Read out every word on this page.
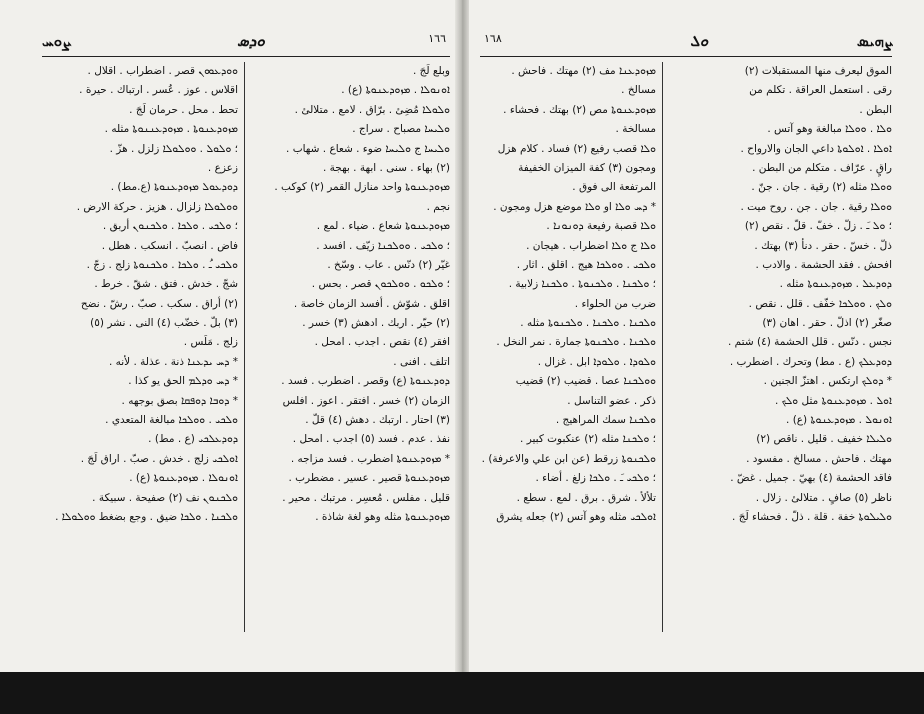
ܨܘܚ	ܘܕܣ	١٦٦
ܘܘܕܥܘܘܢ قصر . اضطراب . اقلال .
اقلاس . عوز . عُسر . ارتباك . حيرة .
تحط . محل . حرمان لَجَ .
ܡܙܘܕܥܢܘܬܐ . ܡܙܘܕܥܢܢܘܬܐ مثله .
؛ ܘܠܘܠ . ܘܘܠܘܠܐ زلزل . هزّ .
زعزع .
ܕܘܕܥܘܠ ܡܙܘܕܥܢܘܬܐ (ع.مط) .
ܘܘܠܘܠܐ زلزال . هزيز . حركة الارض .
؛ ܘܠܟܝ . ܘܠܟܐ . ܘܠܟܢܘܢ أربق .
فاض . انصبّ . انسكب . هطل .
ܘܠܟܝ ـُ . ܘܠܟܐ . ܘܠܟܢܘܬܐ زلج . زجّ .
شجّ . خدش . فتق . شقّ . خرط .
(٢) أراق . سكب . صبّ . رشّ . نضح
(٣) بلّ . خضّب (٤) النى . نشر (٥)
زلج . مَلَس .
* ܕܚ ܝܕܥܢܐ ذنة . عذلة . لأنه .
* ܕܚ ܘܕܠܡ الحق يو كذا .
* ܕܘܒܐ ܕܘܦܩܐ بصق بوجهه .
ܘܠܟܝ . ܘܘܠܟܐ مبالغة المتعدي .
ܕܘܕܥܠܟܝ (ع . مط) .
ܐܘܠܟܝ زلج . خدش . صبّ . اراق لَجَ .
ܐܘܢܘܠܐ . ܡܙܘܕܥܢܘܬܐ (ع) .
ܘܠܟܢܘܢ نف (٢) صفيحة . سبيكة .
ܘܠܟܢܐ . ܘܠܟܐ ضيق . وجع بضغط ܘܘܠܘܠܐ .
وبلع لَجَ .
ܐܘܢܘܠܐ . ܡܙܘܕܥܢܘܬܐ (ع) .
ܘܠܘܠܐ مُضِئ . برّاق . لامع . متلالئ .
ܘܠܝܚܐ مصباح . سراج .
ܘܠܝܚܐ ج ܘܠܝܚܐ ضوء . شعاع . شهاب .
(٢) بهاء . سنى . ابهة . بهجة .
ܡܙܘܕܥܢܘܬܐ واحد منازل القمر (٢) كوكب .
نجم .
ܡܙܘܕܥܢܘܬܐ شعاع . ضياء . لمع .
؛ ܘܠܟܝ . ܘܘܠܟܢܐ زيّف . افسد .
غيّر (٢) دنّس . عاب . وسّخ .
؛ ܘܠܟܘ . ܘܘܠܟܘܢ قصر . بحس .
اقلق . شوّش . أفسد الزمان خاصة .
(٢) حيّر . اربك . ادهش (٣) خسر .
افقر (٤) نقص . اجدب . امحل .
اتلف . افنى .
ܕܘܕܥܢܘܬܐ (ع) وقصر . اضطرب . فسد .
الزمان (٢) خسر . افتقر . اعوز . افلس
(٣) احتار . ارتبك . دهش (٤) قلّ .
نفذ . عدم . فسد (٥) اجدب . امحل .
* ܡܙܘܕܥܢܘܬܐ اضطرب . فسد مزاجه .
ܡܙܘܕܥܢܘܬܐ قصير . عسير . مضطرب .
قليل . مفلس . مُعسِر . مرتبك . محير .
ܡܙܘܕܥܢܘܬܐ مثله وهو لغة شاذة .
١٦٨	ܘܠ	ܨܗܝܣ
ܡܙܘܕܥܢܐ مف (٢) مهتك . فاحش .
مسالخ .
ܡܙܘܕܥܢܘܬܐ مص (٢) بهتك . فحشاء .
مسالخة .
ܘܠܐ قصب رفيع (٢) فساد . كلام هزل
ومجون (٣) كفة الميزان الخفيفة
المرتفعة الى فوق .
* ܕܚ ܘܠܐ او ܘܠܐ موضع هزل ومجون .
ܘܠܐ قصبة رفيعة ܕܘܢܘܢܐ .
ܘܠܐ ج ܘܠܐ اضطراب . هيجان .
ܘܠܟܝ . ܘܘܠܟܐ هيج . اقلق . اثار .
؛ ܘܠܟܢܐ . ܘܠܟܢܘܬܐ . ܘܠܟܢܐ زلابية .
ضرب من الحلواء .
ܘܠܟܢܐ . ܘܠܟܢܐ . ܘܠܟܢܘܬܐ مثله .
ܘܠܟܢܐ . ܘܠܟܢܘܬܐ جمارة . نمر النخل .
ܘܠܘܕܐ . ܘܠܘܕܐ ابل . غزال .
ܘܘܠܟܢܐ عصا . قضيب (٢) قضيب
ذكر . عضو التناسل .
ܘܠܟܢܐ سمك المراهيج .
؛ ܘܠܟܢܐ مثله (٢) عنكبوت كبير .
ܘܠܟܢܘܬܐ زرقط (عن ابن علي والاعرفة) .
؛ ܘܠܟܝ ـَ . ܘܠܟܐ زلغ . أضاء .
تلألأ . شرق . برق . لمع . سطع .
ܐܘܠܟܝ مثله وهو آتس (٢) جعله يشرق
الموق ليعرف منها المستقبلات (٢)
رقى . استعمل العراقة . تكلم من
البطن .
ܘܠܐ . ܘܘܠܐ مبالغة وهو آتس .
ܐܘܠܐ . ܐܘܠܘܬܐ داعي الجان والارواح .
راقٍ . عرّاف . متكلم من البطن .
ܘܘܠܐ مثله (٢) رقية . جان . جنّ .
ܘܘܠܐ رقية . جان . جن . روح ميت .
؛ ܘܠ ـَ . زلّ . خفّ . قلّ . نقص (٢)
ذلّ . خسّ . حقر . دنأ (٣) بهتك .
افحش . فقد الحشمة . والادب .
ܕܘܕܥܠ . ܡܙܘܕܥܢܘܬܐ مثله .
ܘܠܟ . ܘܘܠܟܐ خفّف . قلل . نقص .
صغّر (٢) اذلّ . حقر . اهان (٣)
نجس . دنّس . قلل الحشمة (٤) شتم .
ܕܘܕܥܠܟ (ع . مط) وتحرك . اضطرب .
* ܕܘܠܟ ارتكس . اهتزّ الجنين .
ܐܘܠ . ܡܙܘܕܥܢܘܬܐ مثل ܘܠܟ .
ܐܘܢܘܠ . ܡܙܘܕܥܢܘܬܐ (ع) .
ܘܠܝܠܐ خفيف . قليل . ناقص (٢)
مهتك . فاحش . مسالخ . مفسود .
فاقد الحشمة (٤) بهيّ . جميل . غضّ .
ناظر (٥) صافٍ . متلالئ . زلال .
ܘܠܝܠܘܬܐ خفة . قلة . ذلّ . فحشاء لَجَ .
